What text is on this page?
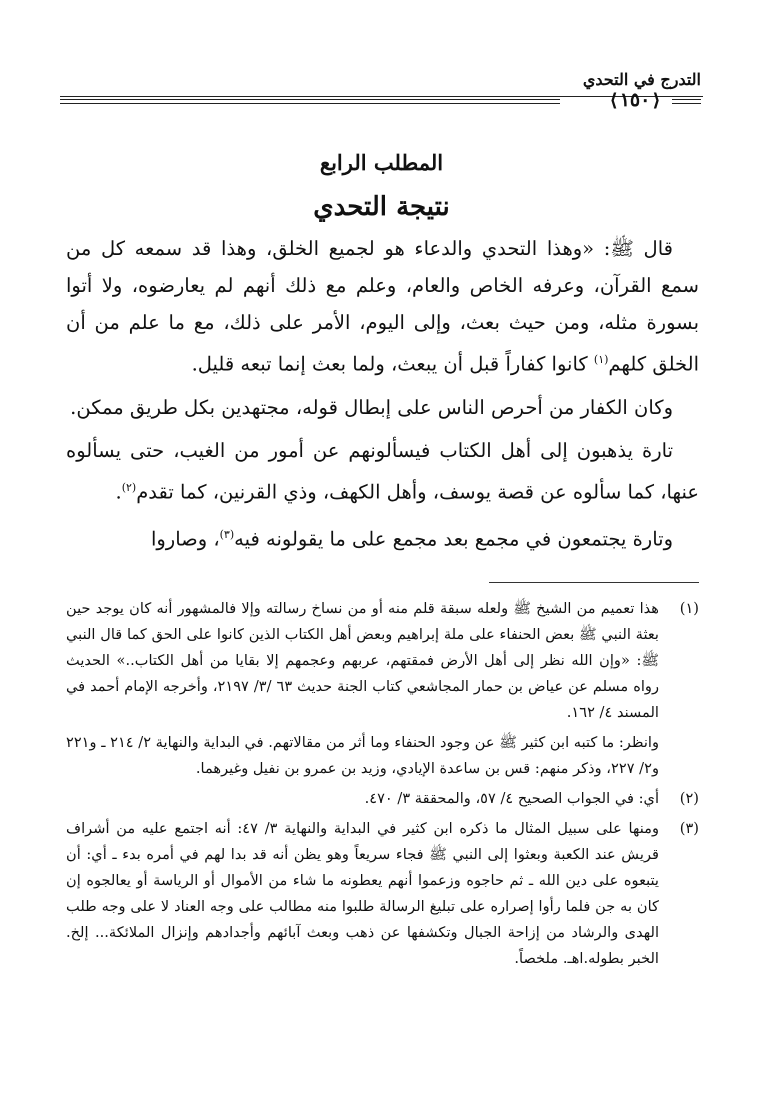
التدرج في التحدي
⟨ ١٥٠ ⟩
المطلب الرابع
نتيجة التحدي

قال ﷺ: «وهذا التحدي والدعاء هو لجميع الخلق، وهذا قد سمعه كل من سمع القرآن، وعرفه الخاص والعام، وعلم مع ذلك أنهم لم يعارضوه، ولا أتوا بسورة مثله، ومن حيث بعث، وإلى اليوم، الأمر على ذلك، مع ما علم من أن الخلق كلهم$^{(١)}$ كانوا كفاراً قبل أن يبعث، ولما بعث إنما تبعه قليل.

وكان الكفار من أحرص الناس على إبطال قوله، مجتهدين بكل طريق ممكن.

تارة يذهبون إلى أهل الكتاب فيسألونهم عن أمور من الغيب، حتى يسألوه عنها، كما سألوه عن قصة يوسف، وأهل الكهف، وذي القرنين، كما تقدم$^{(٢)}$.

وتارة يجتمعون في مجمع بعد مجمع على ما يقولونه فيه$^{(٣)}$، وصاروا

(١)
هذا تعميم من الشيخ ﷺ ولعله سبقة قلم منه أو من نساخ رسالته وإلا فالمشهور أنه كان يوجد حين بعثة النبي ﷺ بعض الحنفاء على ملة إبراهيم وبعض أهل الكتاب الذين كانوا على الحق كما قال النبي ﷺ: «وإن الله نظر إلى أهل الأرض فمقتهم، عربهم وعجمهم إلا بقايا من أهل الكتاب..» الحديث رواه مسلم عن عياض بن حمار المجاشعي كتاب الجنة حديث ٦٣ /٣/ ٢١٩٧، وأخرجه الإمام أحمد في المسند ٤/ ١٦٢.
وانظر: ما كتبه ابن كثير ﷺ عن وجود الحنفاء وما أثر من مقالاتهم. في البداية والنهاية ٢/ ٢١٤ ـ و٢٢١ و٢/ ٢٢٧، وذكر منهم: قس بن ساعدة الإيادي، وزيد بن عمرو بن نفيل وغيرهما.
(٢)
أي: في الجواب الصحيح ٤/ ٥٧، والمحققة ٣/ ٤٧٠.
(٣)
ومنها على سبيل المثال ما ذكره ابن كثير في البداية والنهاية ٣/ ٤٧: أنه اجتمع عليه من أشراف قريش عند الكعبة وبعثوا إلى النبي ﷺ فجاء سريعاً وهو يظن أنه قد بدا لهم في أمره بدء ـ أي: أن يتبعوه على دين الله ـ ثم حاجوه وزعموا أنهم يعطونه ما شاء من الأموال أو الرياسة أو يعالجوه إن كان به جن فلما رأوا إصراره على تبليغ الرسالة طلبوا منه مطالب على وجه العناد لا على وجه طلب الهدى والرشاد من إزاحة الجبال وتكشفها عن ذهب وبعث آبائهم وأجدادهم وإنزال الملائكة... إلخ. الخبر بطوله.اهـ. ملخصاً.
